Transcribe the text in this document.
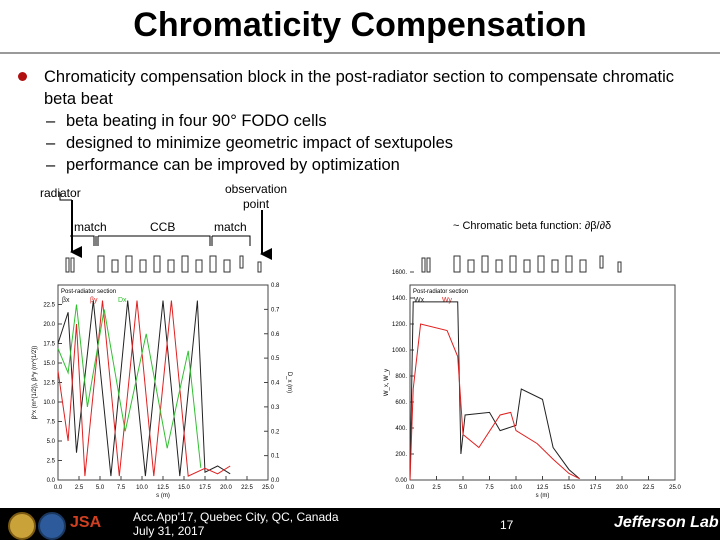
Chromaticity Compensation
Chromaticity compensation block in the post-radiator section to compensate chromatic beta beat
– beta beating in four 90° FODO cells
– designed to minimize geometric impact of sextupoles
– performance can be improved by optimization
radiator	observation
point
match	CCB	match	~ Chromatic beta function: ∂β/∂δ
0.0 2.5 5.0 7.5 10.0 12.5 15.0 17.5 20.0 22.5 25.0
s (m)
0.0
2.5
5.0
7.5
10.0
12.5
15.0
17.5
20.0
22.5
β^x (m^{1/2}), β^y (m^{1/2})
0.0
0.1
0.2
0.3
0.4
0.5
0.6
0.7
0.8
D_x (m)
Post-radiator section
βx	βy	Dx
0.0	2.5	5.0	7.5	10.0 12.5 15.0 17.5 20.0 22.5 25.0
s (m)
0.00
200.
400.
600.
800.
1000.
1200.
1400.
1600.
W_x, W_y
Post-radiator section
Wx	Wy
JSA	Acc.App'17, Quebec City, QC, Canada
July 31, 2017	17	Jefferson Lab
